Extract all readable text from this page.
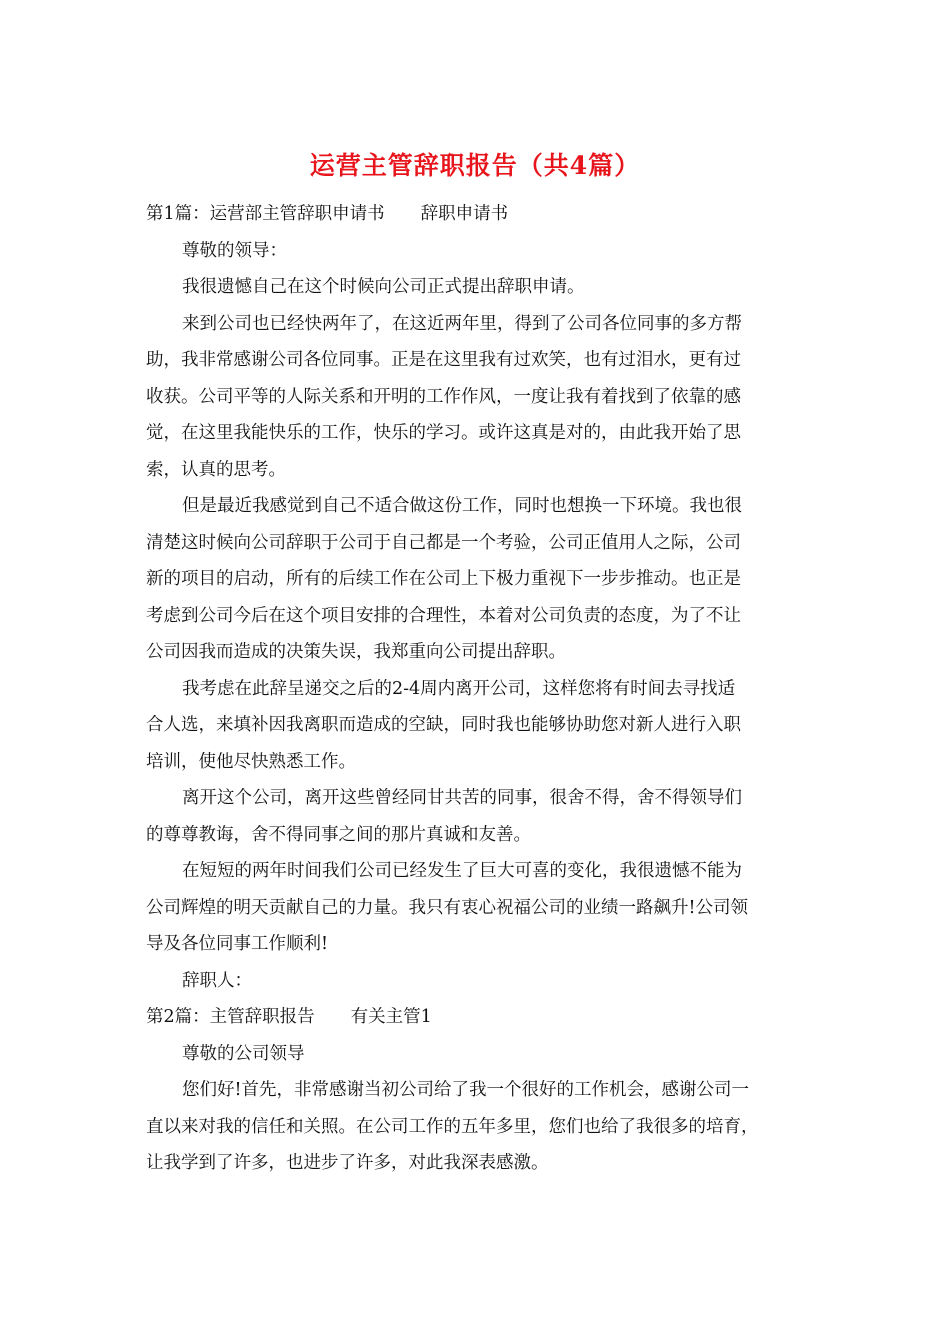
运营主管辞职报告（共4篇）
第1篇：运营部主管辞职申请书 辞职申请书
尊敬的领导：
我很遗憾自己在这个时候向公司正式提出辞职申请。
来到公司也已经快两年了，在这近两年里，得到了公司各位同事的多方帮
助，我非常感谢公司各位同事。正是在这里我有过欢笑，也有过泪水，更有过
收获。公司平等的人际关系和开明的工作作风，一度让我有着找到了依靠的感
觉，在这里我能快乐的工作，快乐的学习。或许这真是对的，由此我开始了思
索，认真的思考。
但是最近我感觉到自己不适合做这份工作，同时也想换一下环境。我也很
清楚这时候向公司辞职于公司于自己都是一个考验，公司正值用人之际，公司
新的项目的启动，所有的后续工作在公司上下极力重视下一步步推动。也正是
考虑到公司今后在这个项目安排的合理性，本着对公司负责的态度，为了不让
公司因我而造成的决策失误，我郑重向公司提出辞职。
我考虑在此辞呈递交之后的2-4周内离开公司，这样您将有时间去寻找适
合人选，来填补因我离职而造成的空缺，同时我也能够协助您对新人进行入职
培训，使他尽快熟悉工作。
离开这个公司，离开这些曾经同甘共苦的同事，很舍不得，舍不得领导们
的尊尊教诲，舍不得同事之间的那片真诚和友善。
在短短的两年时间我们公司已经发生了巨大可喜的变化，我很遗憾不能为
公司辉煌的明天贡献自己的力量。我只有衷心祝福公司的业绩一路飙升!公司领
导及各位同事工作顺利!
辞职人：
第2篇：主管辞职报告 有关主管1
尊敬的公司领导
您们好!首先，非常感谢当初公司给了我一个很好的工作机会，感谢公司一
直以来对我的信任和关照。在公司工作的五年多里，您们也给了我很多的培育，
让我学到了许多，也进步了许多，对此我深表感激。
